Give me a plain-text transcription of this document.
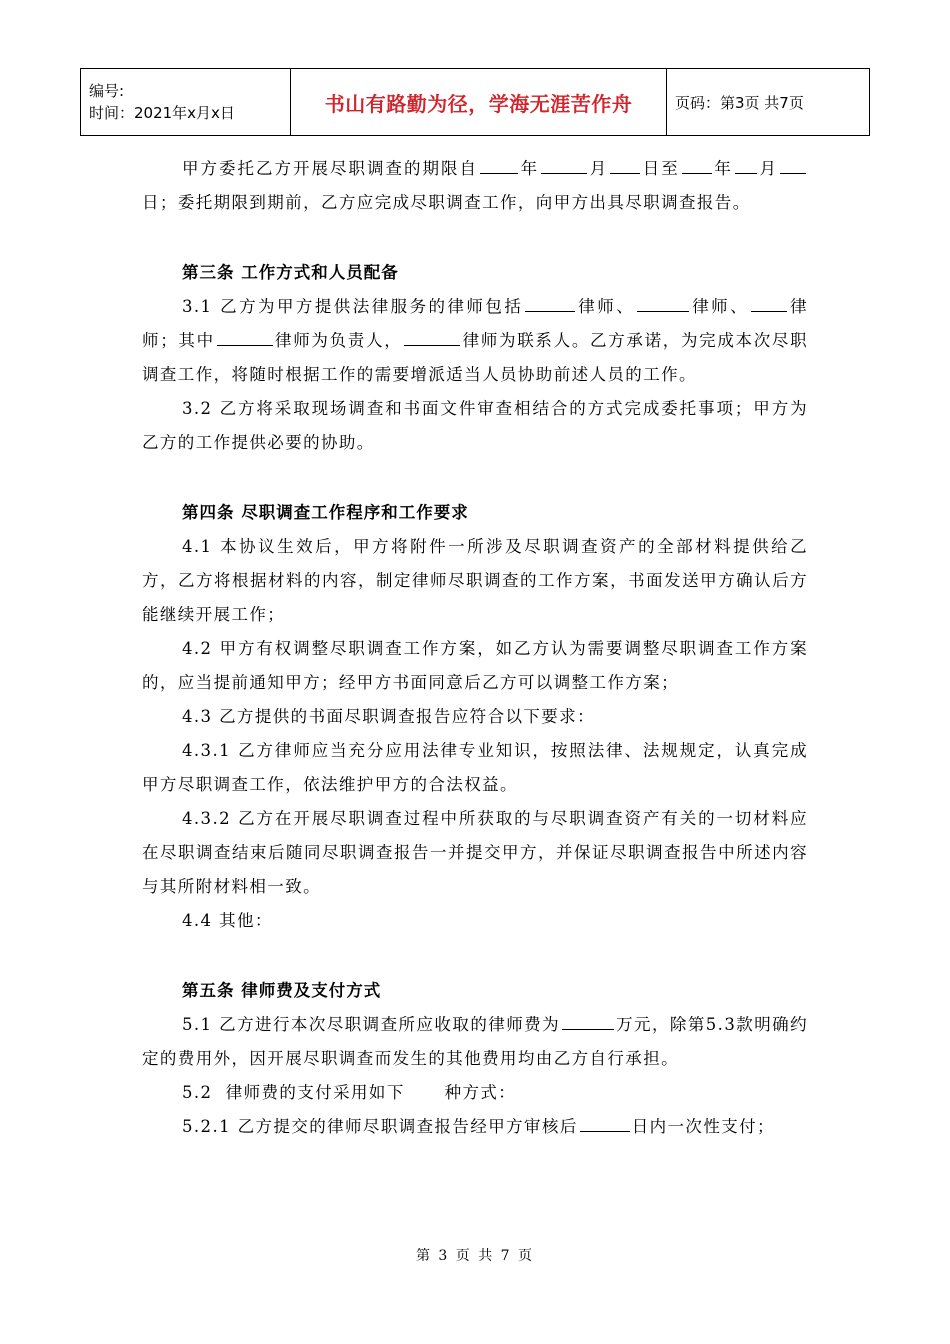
编号:
时间：2021年x月x日	书山有路勤为径，学海无涯苦作舟	页码：第3页 共7页

甲方委托乙方开展尽职调查的期限自	年	月 日至 年 月日；委托期限到期前，乙方应完成尽职调查工作，向甲方出具尽职调查报告。

第三条 工作方式和人员配备

3.1 乙方为甲方提供法律服务的律师包括	律师、	律师、 律师；其中	律师为负责人，	律师为联系人。乙方承诺，为完成本次尽职调查工作，将随时根据工作的需要增派适当人员协助前述人员的工作。

3.2 乙方将采取现场调查和书面文件审查相结合的方式完成委托事项；甲方为乙方的工作提供必要的协助。

第四条 尽职调查工作程序和工作要求

4.1 本协议生效后，甲方将附件一所涉及尽职调查资产的全部材料提供给乙方，乙方将根据材料的内容，制定律师尽职调查的工作方案，书面发送甲方确认后方能继续开展工作；

4.2 甲方有权调整尽职调查工作方案，如乙方认为需要调整尽职调查工作方案的，应当提前通知甲方；经甲方书面同意后乙方可以调整工作方案；

4.3 乙方提供的书面尽职调查报告应符合以下要求：

4.3.1 乙方律师应当充分应用法律专业知识，按照法律、法规规定，认真完成甲方尽职调查工作，依法维护甲方的合法权益。

4.3.2 乙方在开展尽职调查过程中所获取的与尽职调查资产有关的一切材料应在尽职调查结束后随同尽职调查报告一并提交甲方，并保证尽职调查报告中所述内容与其所附材料相一致。

4.4 其他：

第五条 律师费及支付方式

5.1 乙方进行本次尽职调查所应收取的律师费为	万元，除第5.3款明确约定的费用外，因开展尽职调查而发生的其他费用均由乙方自行承担。

5.2  律师费的支付采用如下      种方式：

5.2.1 乙方提交的律师尽职调查报告经甲方审核后	日内一次性支付；

第 3 页 共 7 页
